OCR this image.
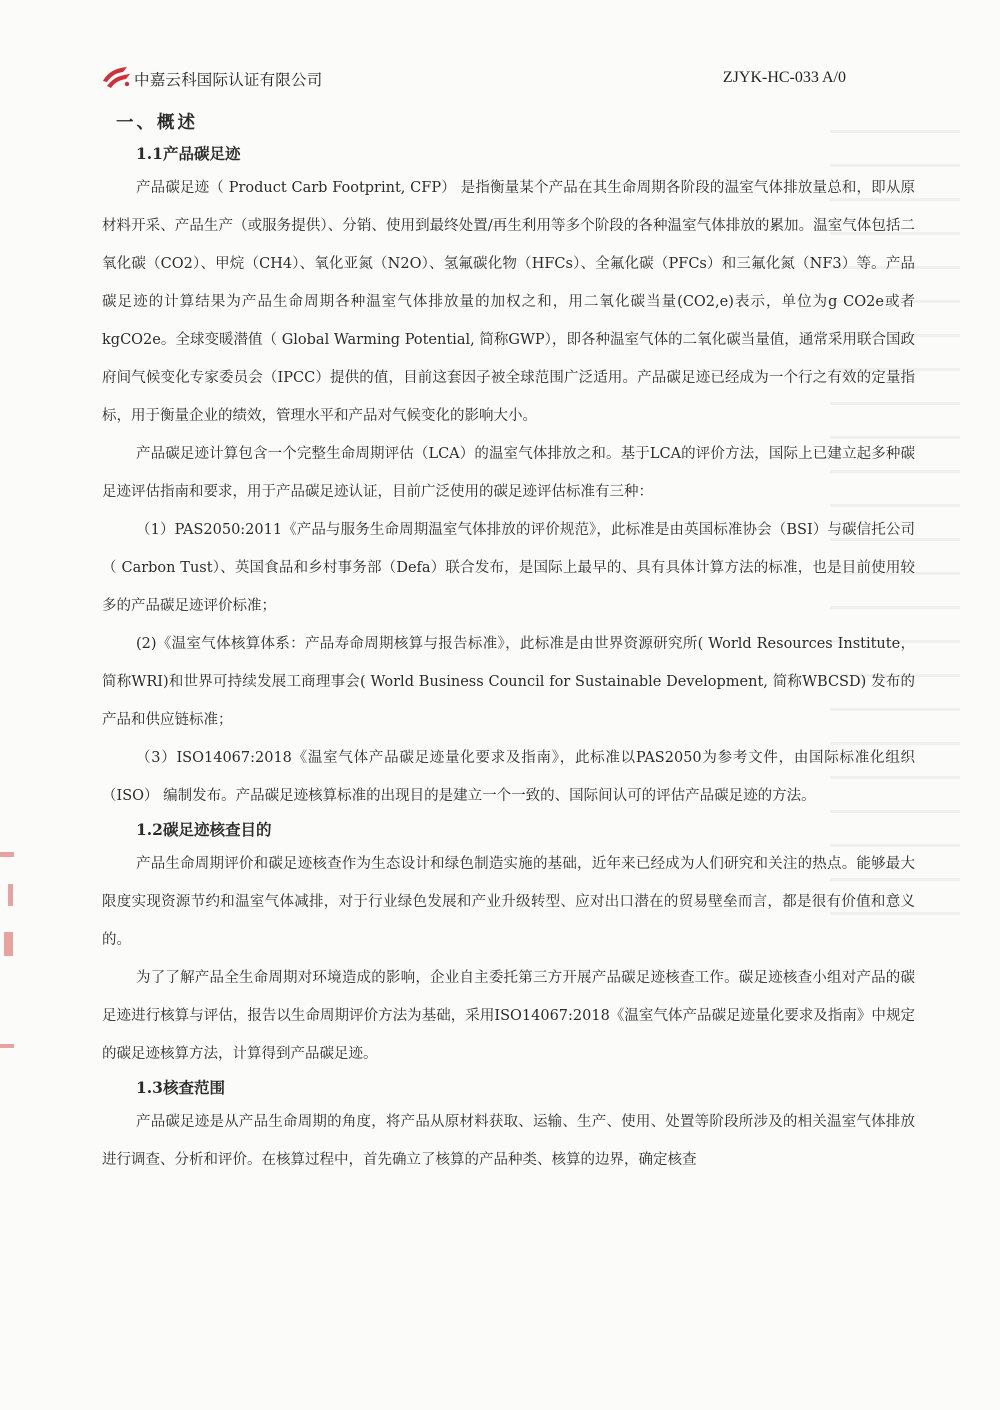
中嘉云科国际认证有限公司	ZJYK-HC-033 A/0
一、概述
1.1产品碳足迹

产品碳足迹（ Product Carb Footprint, CFP） 是指衡量某个产品在其生命周期各阶段的温室气体排放量总和，即从原材料开采、产品生产（或服务提供）、分销、使用到最终处置/再生利用等多个阶段的各种温室气体排放的累加。温室气体包括二氧化碳（CO2）、甲烷（CH4）、氧化亚氮（N2O）、氢氟碳化物（HFCs）、全氟化碳（PFCs）和三氟化氮（NF3）等。产品碳足迹的计算结果为产品生命周期各种温室气体排放量的加权之和，用二氧化碳当量(CO2,e)表示，单位为g CO2e或者kgCO2e。全球变暖潜值（ Global Warming Potential, 简称GWP），即各种温室气体的二氧化碳当量值，通常采用联合国政府间气候变化专家委员会（IPCC）提供的值，目前这套因子被全球范围广泛适用。产品碳足迹已经成为一个行之有效的定量指标，用于衡量企业的绩效，管理水平和产品对气候变化的影响大小。

产品碳足迹计算包含一个完整生命周期评估（LCA）的温室气体排放之和。基于LCA的评价方法，国际上已建立起多种碳足迹评估指南和要求，用于产品碳足迹认证，目前广泛使用的碳足迹评估标准有三种：

（1）PAS2050:2011《产品与服务生命周期温室气体排放的评价规范》，此标准是由英国标准协会（BSI）与碳信托公司（ Carbon Tust）、英国食品和乡村事务部（Defa）联合发布，是国际上最早的、具有具体计算方法的标准，也是目前使用较多的产品碳足迹评价标准；

(2)《温室气体核算体系：产品寿命周期核算与报告标准》，此标准是由世界资源研究所( World Resources Institute，简称WRI)和世界可持续发展工商理事会( World Business Council for Sustainable Development, 简称WBCSD) 发布的产品和供应链标准；

（3）ISO14067:2018《温室气体产品碳足迹量化要求及指南》，此标准以PAS2050为参考文件，由国际标准化组织（ISO） 编制发布。产品碳足迹核算标准的出现目的是建立一个一致的、国际间认可的评估产品碳足迹的方法。

1.2碳足迹核查目的

产品生命周期评价和碳足迹核查作为生态设计和绿色制造实施的基础，近年来已经成为人们研究和关注的热点。能够最大限度实现资源节约和温室气体减排，对于行业绿色发展和产业升级转型、应对出口潜在的贸易壁垒而言，都是很有价值和意义的。

为了了解产品全生命周期对环境造成的影响，企业自主委托第三方开展产品碳足迹核查工作。碳足迹核查小组对产品的碳足迹进行核算与评估，报告以生命周期评价方法为基础，采用ISO14067:2018《温室气体产品碳足迹量化要求及指南》中规定的碳足迹核算方法，计算得到产品碳足迹。

1.3核查范围

产品碳足迹是从产品生命周期的角度，将产品从原材料获取、运输、生产、使用、处置等阶段所涉及的相关温室气体排放进行调查、分析和评价。在核算过程中，首先确立了核算的产品种类、核算的边界，确定核查
